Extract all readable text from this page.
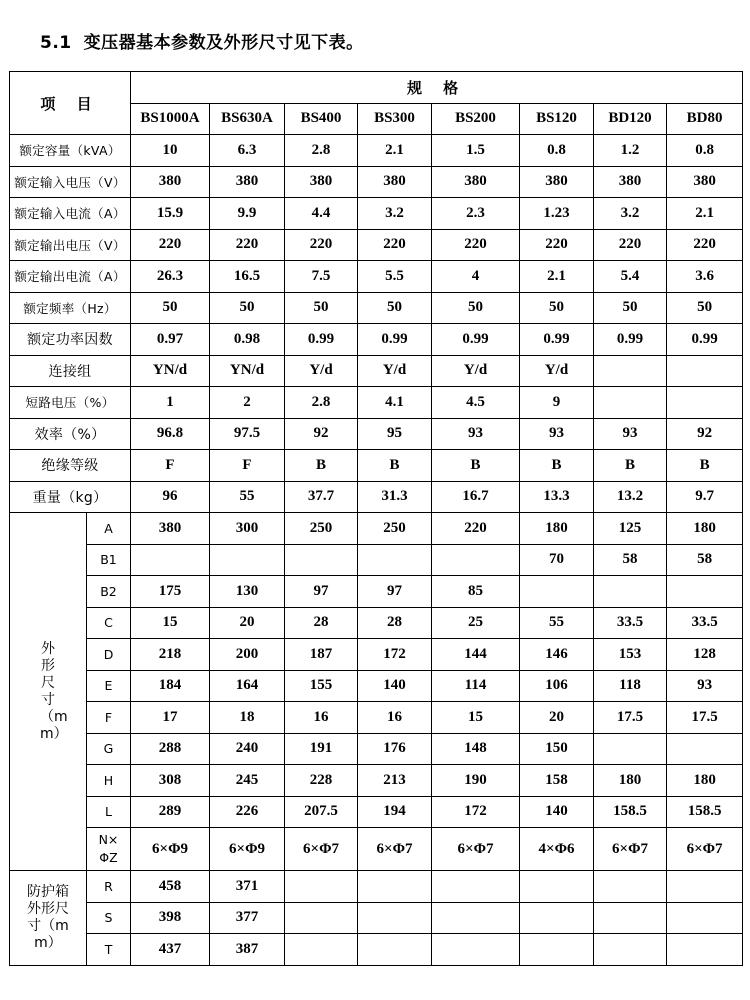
5.1 变压器基本参数及外形尺寸见下表。
项 目		规 格							
		BS1000A	BS630A	BS400	BS300	BS200	BS120	BD120	BD80
额定容量（kVA）		10	6.3	2.8	2.1	1.5	0.8	1.2	0.8
额定输入电压（V）		380	380	380	380	380	380	380	380
额定输入电流（A）		15.9	9.9	4.4	3.2	2.3	1.23	3.2	2.1
额定输出电压（V）		220	220	220	220	220	220	220	220
额定输出电流（A）		26.3	16.5	7.5	5.5	4	2.1	5.4	3.6
额定频率（Hz）		50	50	50	50	50	50	50	50
额定功率因数		0.97	0.98	0.99	0.99	0.99	0.99	0.99	0.99
连接组		YN/d	YN/d	Y/d	Y/d	Y/d	Y/d		
短路电压（%）		1	2	2.8	4.1	4.5	9		
效率（%）		96.8	97.5	92	95	93	93	93	92
绝缘等级		F	F	B	B	B	B	B	B
重量（kg）		96	55	37.7	31.3	16.7	13.3	13.2	9.7
外形尺寸（mm）	A	380	300	250	250	220	180	125	180
	B1						70	58	58
	B2	175	130	97	97	85			
	C	15	20	28	28	25	55	33.5	33.5
	D	218	200	187	172	144	146	153	128
	E	184	164	155	140	114	106	118	93
	F	17	18	16	16	15	20	17.5	17.5
	G	288	240	191	176	148	150		
	H	308	245	228	213	190	158	180	180
	L	289	226	207.5	194	172	140	158.5	158.5
	N×ΦZ	6×Φ9	6×Φ9	6×Φ7	6×Φ7	6×Φ7	4×Φ6	6×Φ7	6×Φ7
防护箱外形尺寸（mm）	R	458	371						
	S	398	377						
	T	437	387						
